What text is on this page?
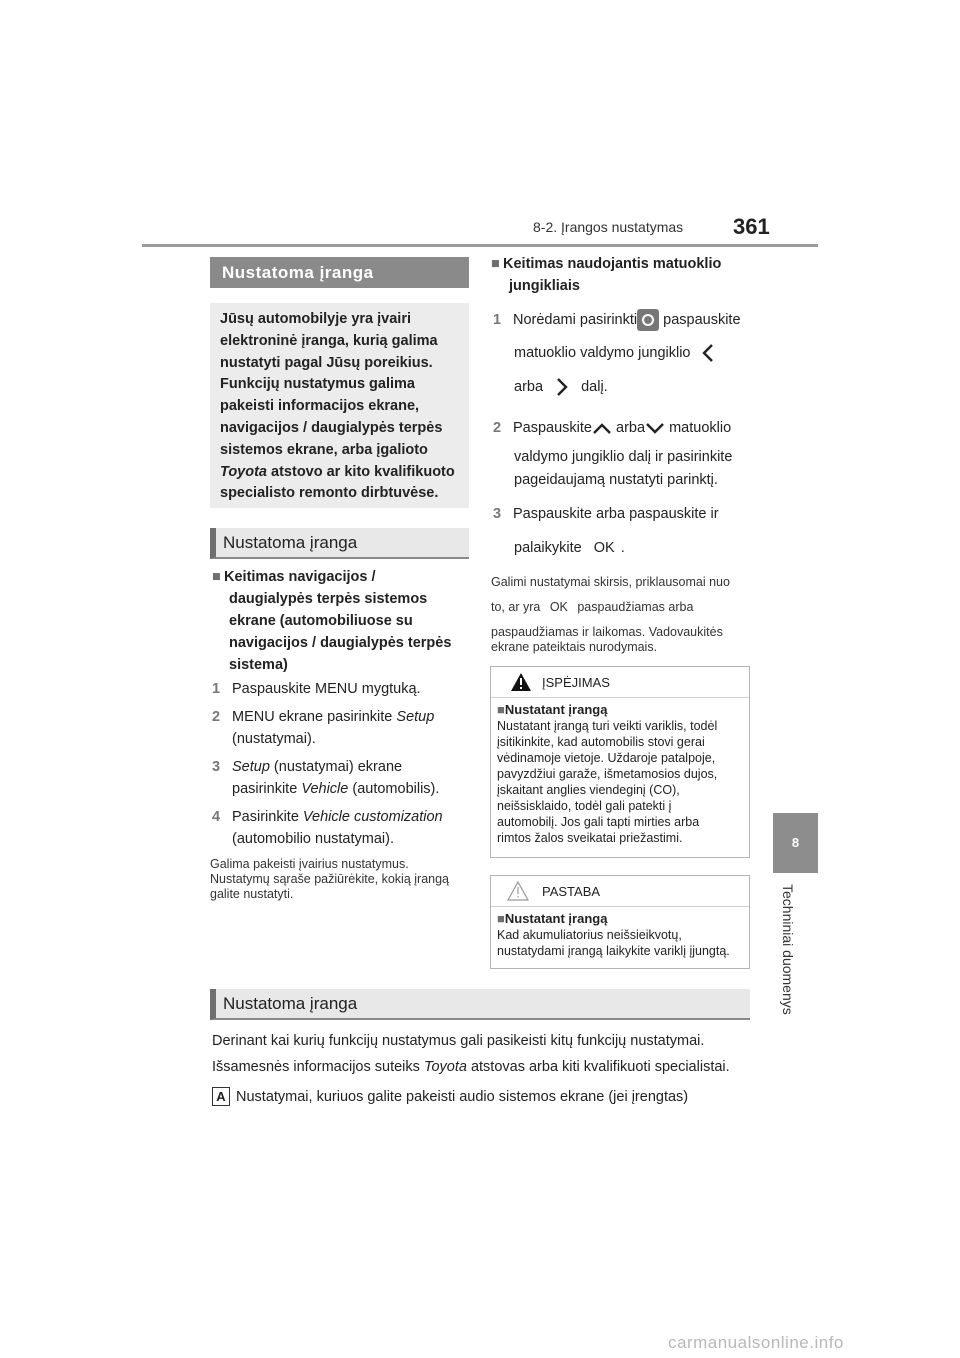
8-2. Įrangos nustatymas 361
8
Techniniai duomenys
Nustatoma įranga
Jūsų automobilyje yra įvairi
elektroninė įranga, kurią galima
nustatyti pagal Jūsų poreikius.
Funkcijų nustatymus galima
pakeisti informacijos ekrane,
navigacijos / daugialypės terpės
sistemos ekrane, arba įgalioto
Toyota atstovo ar kito kvalifikuoto
specialisto remonto dirbtuvėse.
Nustatoma įranga
■ Keitimas navigacijos /
daugialypės terpės sistemos
ekrane (automobiliuose su
navigacijos / daugialypės terpės
sistema)
1 Paspauskite MENU mygtuką.
2 MENU ekrane pasirinkite Setup
(nustatymai).
3 Setup (nustatymai) ekrane
pasirinkite Vehicle (automobilis).
4 Pasirinkite Vehicle customization
(automobilio nustatymai).
Galima pakeisti įvairius nustatymus.
Nustatymų sąraše pažiūrėkite, kokią įrangą
galite nustatyti.
■ Keitimas naudojantis matuoklio
jungikliais
1 Norėdami pasirinkti paspauskite
matuoklio valdymo jungiklio
arba	dalį.
2 Paspauskite arba matuoklio
valdymo jungiklio dalį ir pasirinkite
pageidaujamą nustatyti parinktį.
3 Paspauskite arba paspauskite ir
palaikykite OK .
Galimi nustatymai skirsis, priklausomai nuo
to, ar yra OK paspaudžiamas arba
paspaudžiamas ir laikomas. Vadovaukitės
ekrane pateiktais nurodymais.
ĮSPĖJIMAS
■Nustatant įrangą
Nustatant įrangą turi veikti variklis, todėl
įsitikinkite, kad automobilis stovi gerai
vėdinamoje vietoje. Uždaroje patalpoje,
pavyzdžiui garaže, išmetamosios dujos,
įskaitant anglies viendeginį (CO),
neišsisklaido, todėl gali patekti į
automobilį. Jos gali tapti mirties arba
rimtos žalos sveikatai priežastimi.
PASTABA
■Nustatant įrangą
Kad akumuliatorius neišsieikvotų,
nustatydami įrangą laikykite variklį įjungtą.
Nustatoma įranga
Derinant kai kurių funkcijų nustatymus gali pasikeisti kitų funkcijų nustatymai.
Išsamesnės informacijos suteiks Toyota atstovas arba kiti kvalifikuoti specialistai.
A Nustatymai, kuriuos galite pakeisti audio sistemos ekrane (jei įrengtas)
carmanualsonline.info
